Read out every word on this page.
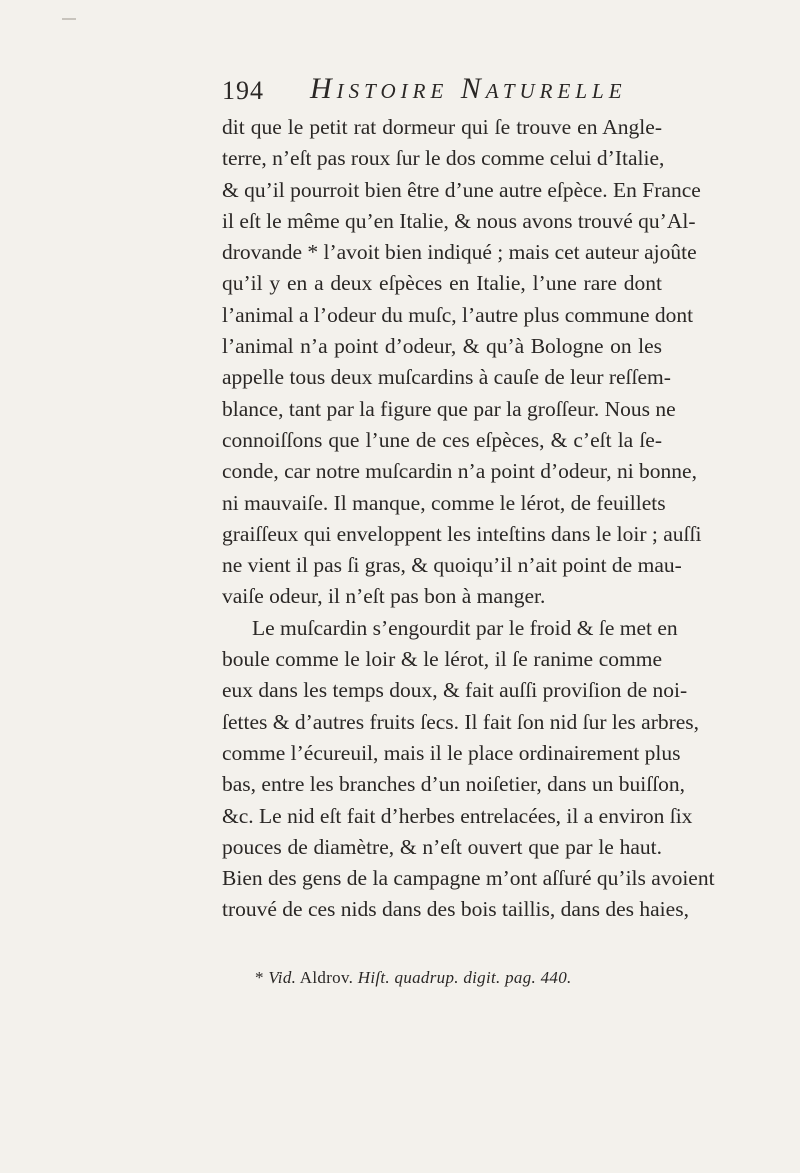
194 Histoire Naturelle
dit que le petit rat dormeur qui ſe trouve en Angle-
terre, n’eſt pas roux ſur le dos comme celui d’Italie,
& qu’il pourroit bien être d’une autre eſpèce. En France
il eſt le même qu’en Italie, & nous avons trouvé qu’Al-
drovande * l’avoit bien indiqué ; mais cet auteur ajoûte
qu’il y en a deux eſpèces en Italie, l’une rare dont
l’animal a l’odeur du muſc, l’autre plus commune dont
l’animal n’a point d’odeur, & qu’à Bologne on les
appelle tous deux muſcardins à cauſe de leur reſſem-
blance, tant par la figure que par la groſſeur. Nous ne
connoiſſons que l’une de ces eſpèces, & c’eſt la ſe-
conde, car notre muſcardin n’a point d’odeur, ni bonne,
ni mauvaiſe. Il manque, comme le lérot, de feuillets
graiſſeux qui enveloppent les inteſtins dans le loir ; auſſi
ne vient il pas ſi gras, & quoiqu’il n’ait point de mau-
vaiſe odeur, il n’eſt pas bon à manger.
Le muſcardin s’engourdit par le froid & ſe met en
boule comme le loir & le lérot, il ſe ranime comme
eux dans les temps doux, & fait auſſi proviſion de noi-
ſettes & d’autres fruits ſecs. Il fait ſon nid ſur les arbres,
comme l’écureuil, mais il le place ordinairement plus
bas, entre les branches d’un noiſetier, dans un buiſſon,
&c. Le nid eſt fait d’herbes entrelacées, il a environ ſix
pouces de diamètre, & n’eſt ouvert que par le haut.
Bien des gens de la campagne m’ont aſſuré qu’ils avoient
trouvé de ces nids dans des bois taillis, dans des haies,
* Vid. Aldrov. Hiſt. quadrup. digit. pag. 440.
